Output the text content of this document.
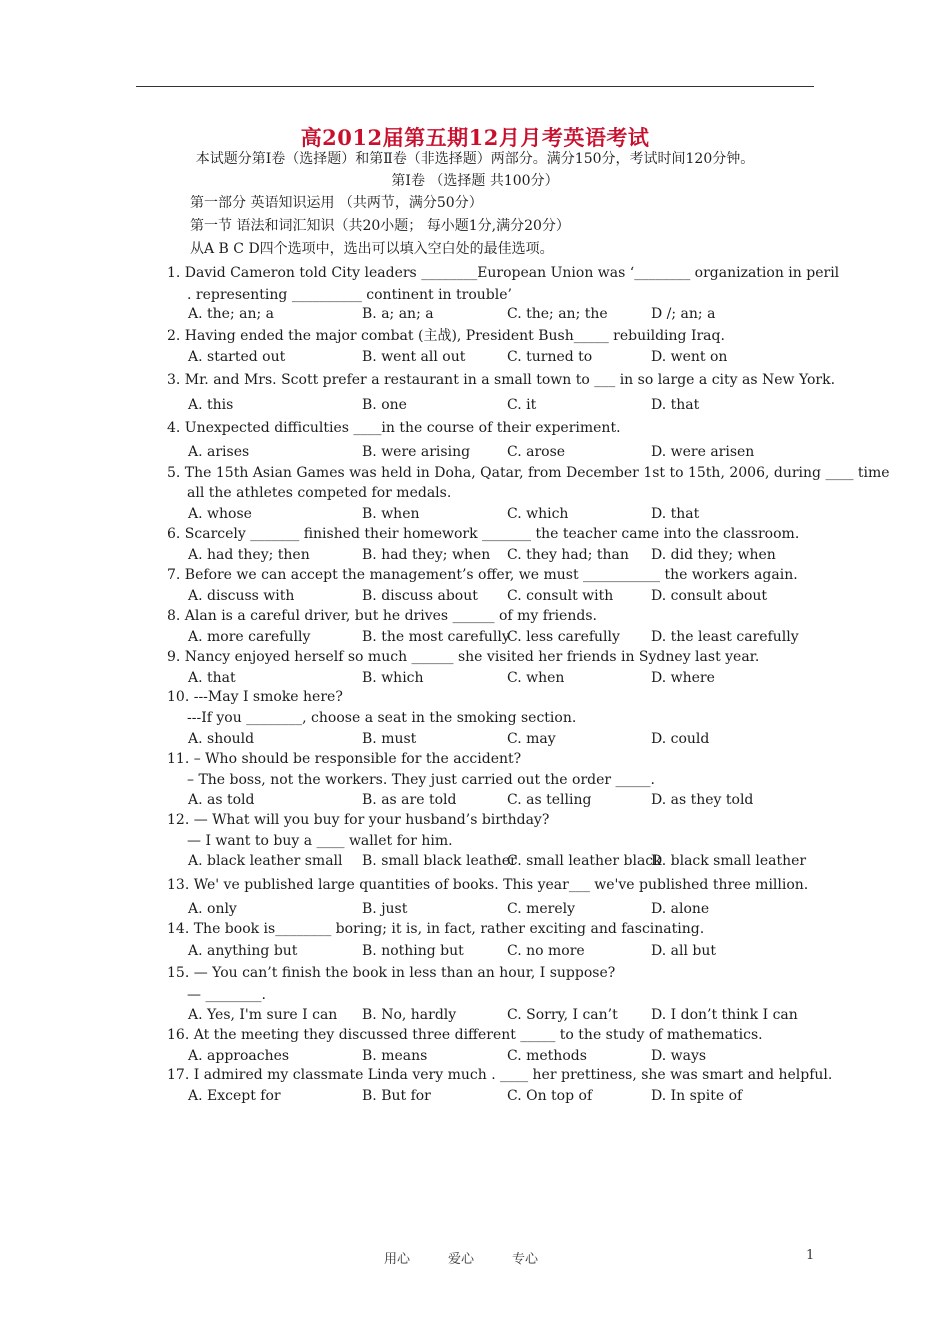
高2012届第五期12月月考英语考试
本试题分第Ⅰ卷（选择题）和第Ⅱ卷（非选择题）两部分。满分150分，考试时间120分钟。
第Ⅰ卷 （选择题 共100分）
第一部分 英语知识运用 （共两节，满分50分）
第一节 语法和词汇知识（共20小题； 每小题1分,满分20分）
从A B C D四个选项中，选出可以填入空白处的最佳选项。
1. David Cameron told City leaders ________European Union was ‘________ organization in peril
. representing __________ continent in trouble’
A. the; an; a	B. a; an; a	C. the; an; the	D /; an; a
2. Having ended the major combat (主战), President Bush_____ rebuilding Iraq.
A. started out	B. went all out	C. turned to	D. went on
3. Mr. and Mrs. Scott prefer a restaurant in a small town to ___ in so large a city as New York.
A. this	B. one	C. it	D. that
4. Unexpected difficulties ____in the course of their experiment.
A. arises	B. were arising	C. arose	D. were arisen
5. The 15th Asian Games was held in Doha, Qatar, from December 1st to 15th, 2006, during ____ time
all the athletes competed for medals.
A. whose	B. when	C. which	D. that
6. Scarcely _______ finished their homework _______ the teacher came into the classroom.
A. had they; then	B. had they; when C. they had; than D. did they; when
7. Before we can accept the management’s offer, we must ___________ the workers again.
A. discuss with	B. discuss about C. consult with	D. consult about
8. Alan is a careful driver, but he drives ______ of my friends.
A. more carefully	B. the most carefully
C. less carefully D. the least carefully
9. Nancy enjoyed herself so much ______ she visited her friends in Sydney last year.
A. that	B. which	C. when	D. where
10. ---May I smoke here?
---If you ________, choose a seat in the smoking section.
A. should	B. must	C. may	D. could
11. – Who should be responsible for the accident?
– The boss, not the workers. They just carried out the order _____.
A. as told	B. as are told	C. as telling	D. as they told
12. — What will you buy for your husband’s birthday?
— I want to buy a ____ wallet for him.
A. black leather small B. small black leather
C. small leather black
D. black small leather
13. We' ve published large quantities of books. This year___ we've published three million.
A. only	B. just	C. merely	D. alone
14. The book is________ boring; it is, in fact, rather exciting and fascinating.
A. anything but	B. nothing but	C. no more	D. all but
15. — You can’t finish the book in less than an hour, I suppose?
— ________.
A. Yes, I'm sure I can B. No, hardly	C. Sorry, I can’t D. I don’t think I can
16. At the meeting they discussed three different _____ to the study of mathematics.
A. approaches	B. means	C. methods	D. ways
17. I admired my classmate Linda very much . ____ her prettiness, she was smart and helpful.
A. Except for	B. But for	C. On top of	D. In spite of
用心	爱心	专心	1
